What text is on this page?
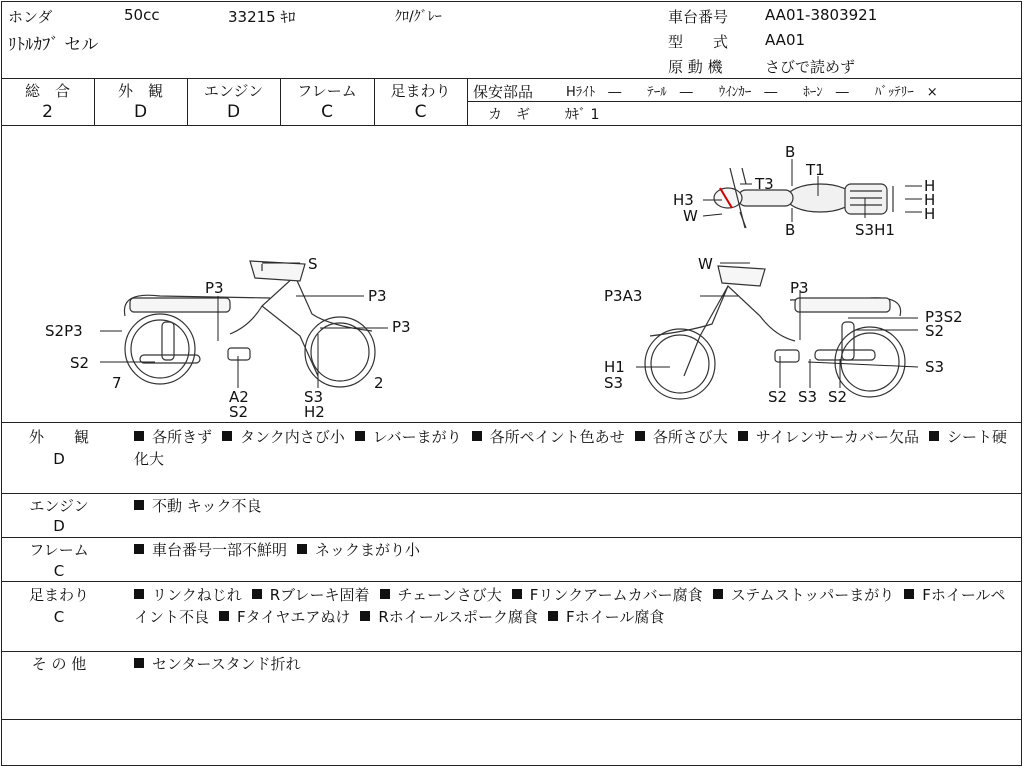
ホンダ	50cc	33215 ｷﾛ	ｸﾛ/ｸﾞﾚｰ
ﾘﾄﾙｶﾌﾞ セル
車台番号 AA01-3803921
型　　式 AA01
原 動 機	さびで読めず
総　合
2
外　観
D
エンジン
D
フレーム
C
足まわり
C
保安部品	Hﾗｲﾄ　―　　ﾃｰﾙ　―　　ｳｲﾝｶｰ　―　　ﾎｰﾝ　―　　ﾊﾞｯﾃﾘｰ　×
カ　ギ	ｶｷﾞ 1
B
T1
T3
H3
W
B
H
H
H
S3H1
S
P3	P3
S2P3	P3
S2
7
A2
S2
S3
H2
2
W
P3A3	P3
P3S2
S2
H1
S3
S3
S2 S3 S2
外　　観
D
各所きず タンク内さび小 レバーまがり 各所ペイント色あせ 各所さび大 サイレンサーカバー欠品 シート硬化大
エンジン
D
不動 キック不良
フレーム
C
車台番号一部不鮮明 ネックまがり小
足まわり
C
リンクねじれ Rブレーキ固着 チェーンさび大 Fリンクアームカバー腐食 ステムストッパーまがり Fホイールペイント不良 Fタイヤエアぬけ Rホイールスポーク腐食 Fホイール腐食
そ の 他	センタースタンド折れ
